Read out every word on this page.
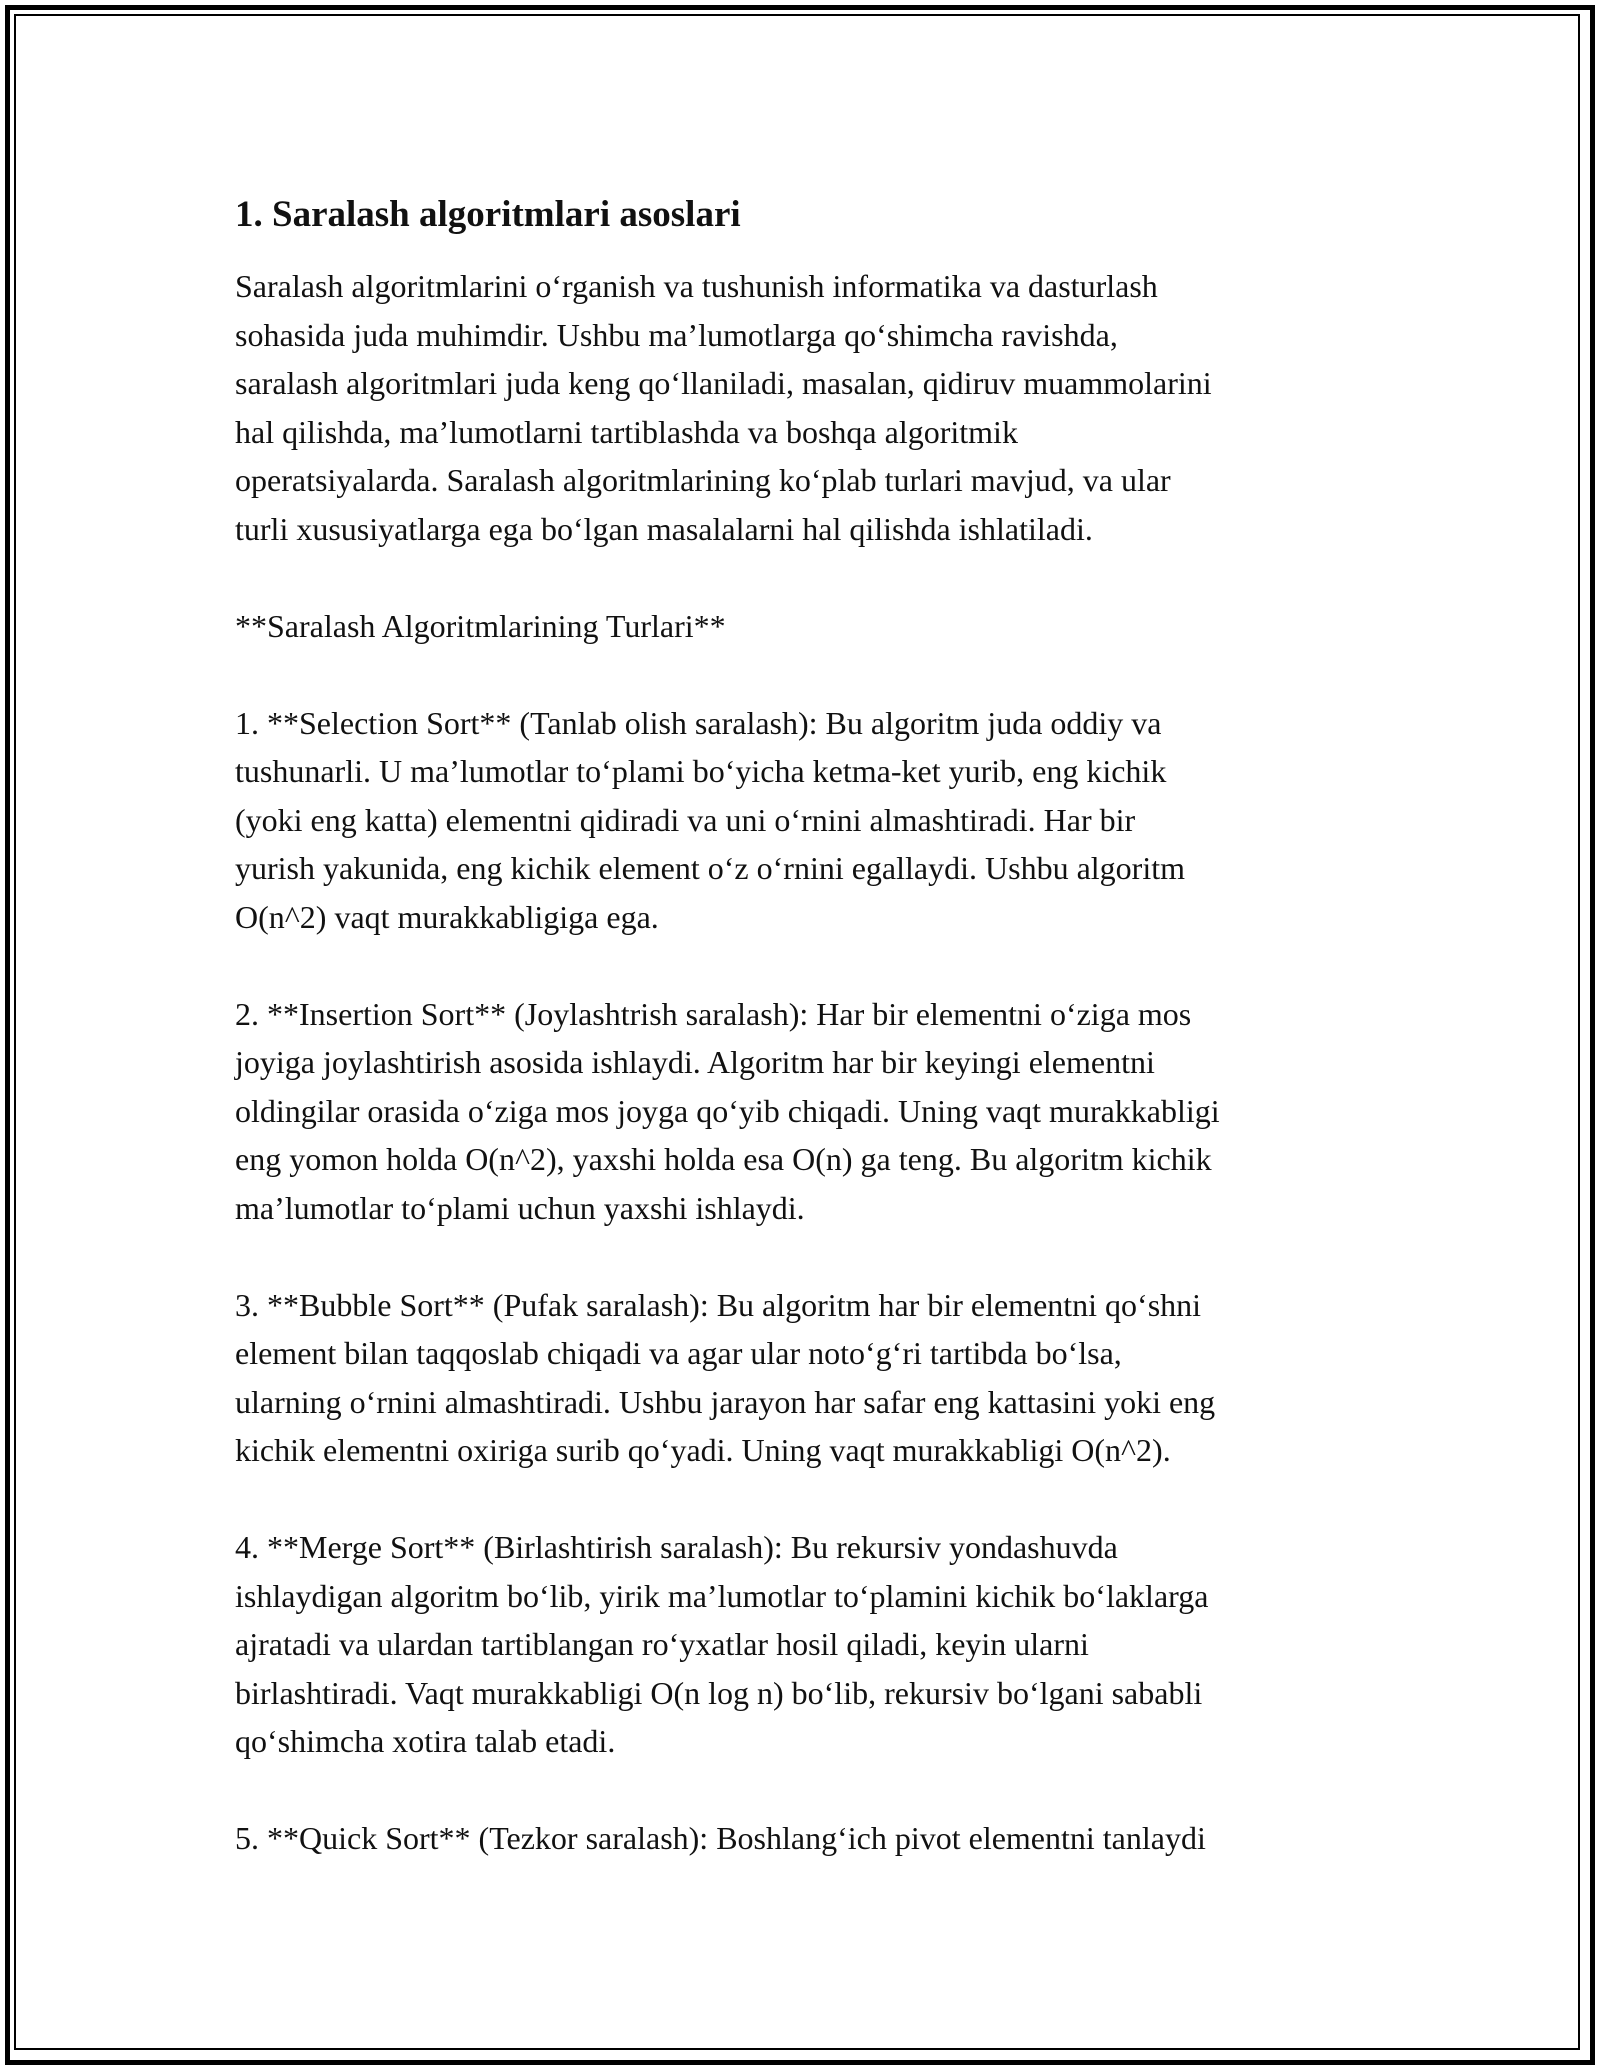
1. Saralash algoritmlari asoslari

Saralash algoritmlarini o‘rganish va tushunish informatika va dasturlash
sohasida juda muhimdir. Ushbu ma’lumotlarga qo‘shimcha ravishda,
saralash algoritmlari juda keng qo‘llaniladi, masalan, qidiruv muammolarini
hal qilishda, ma’lumotlarni tartiblashda va boshqa algoritmik
operatsiyalarda. Saralash algoritmlarining ko‘plab turlari mavjud, va ular
turli xususiyatlarga ega bo‘lgan masalalarni hal qilishda ishlatiladi.

**Saralash Algoritmlarining Turlari**

1. **Selection Sort** (Tanlab olish saralash): Bu algoritm juda oddiy va
tushunarli. U ma’lumotlar to‘plami bo‘yicha ketma-ket yurib, eng kichik
(yoki eng katta) elementni qidiradi va uni o‘rnini almashtiradi. Har bir
yurish yakunida, eng kichik element o‘z o‘rnini egallaydi. Ushbu algoritm
O(n^2) vaqt murakkabligiga ega.

2. **Insertion Sort** (Joylashtrish saralash): Har bir elementni o‘ziga mos
joyiga joylashtirish asosida ishlaydi. Algoritm har bir keyingi elementni
oldingilar orasida o‘ziga mos joyga qo‘yib chiqadi. Uning vaqt murakkabligi
eng yomon holda O(n^2), yaxshi holda esa O(n) ga teng. Bu algoritm kichik
ma’lumotlar to‘plami uchun yaxshi ishlaydi.

3. **Bubble Sort** (Pufak saralash): Bu algoritm har bir elementni qo‘shni
element bilan taqqoslab chiqadi va agar ular noto‘g‘ri tartibda bo‘lsa,
ularning o‘rnini almashtiradi. Ushbu jarayon har safar eng kattasini yoki eng
kichik elementni oxiriga surib qo‘yadi. Uning vaqt murakkabligi O(n^2).

4. **Merge Sort** (Birlashtirish saralash): Bu rekursiv yondashuvda
ishlaydigan algoritm bo‘lib, yirik ma’lumotlar to‘plamini kichik bo‘laklarga
ajratadi va ulardan tartiblangan ro‘yxatlar hosil qiladi, keyin ularni
birlashtiradi. Vaqt murakkabligi O(n log n) bo‘lib, rekursiv bo‘lgani sababli
qo‘shimcha xotira talab etadi.

5. **Quick Sort** (Tezkor saralash): Boshlang‘ich pivot elementni tanlaydi
